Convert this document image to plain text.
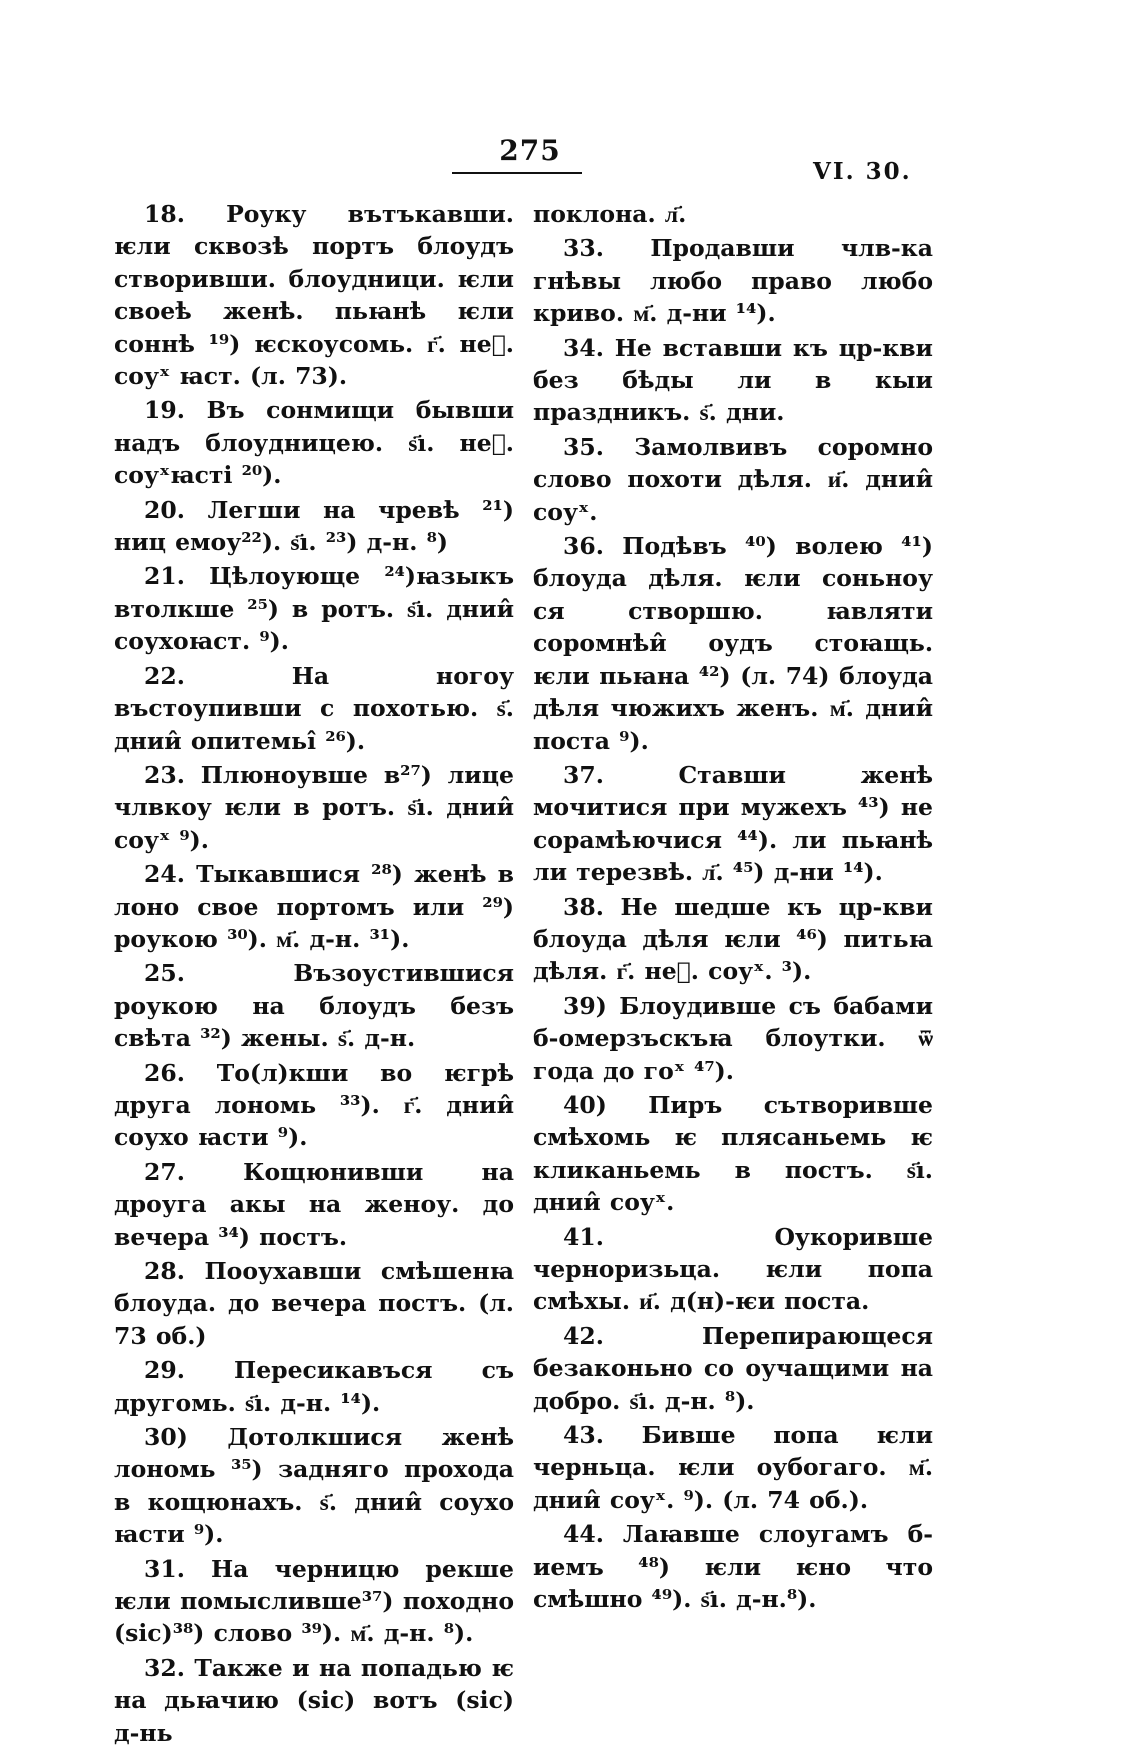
275
VI. 30.

18. Роуку вътъкавши. ѥли сквозѣ портъ блоудъ створивши. блоудници. ѥли своеѣ женѣ. пьꙗнѣ ѥли соннѣ ¹⁹) ѥскоусомь. г҃. неⷣ. соуˣ ꙗст. (л. 73).

19. Въ сонмищи бывши надъ блоудницею. ѕ҃ı. неⷣ. соуˣꙗсті ²⁰).

20. Легши на чревѣ ²¹) ниц емоу²²). ѕ҃ı. ²³) д-н. ⁸)

21. Цѣлоующе ²⁴)ꙗзыкъ втолкше ²⁵) в ротъ. ѕ҃ı. днии̂ соухоꙗст. ⁹).

22. На ногоу въстоупивши с похотью. ѕ҃. днии̂ опитемьı̂ ²⁶).

23. Плюноувше в²⁷) лице члвкоу ѥли в ротъ. ѕ҃ı. днии̂ соуˣ ⁹).

24. Тыкавшися ²⁸) женѣ в лоно свое портомъ или ²⁹) роукою ³⁰). м҃. д-н. ³¹).

25. Възоустившися роукою на блоудъ безъ свѣта ³²) жены. ѕ҃. д-н.

26. То(л)кши во ѥгрѣ друга лономь ³³). г҃. днии̂ соухо ꙗсти ⁹).

27. Кощюнивши на дроуга акы на женоу. до вечера ³⁴) постъ.

28. Пооухавши смѣшенꙗ блоуда. до вечера постъ. (л. 73 об.)

29. Пересикавъся съ другомь. ѕ҃ı. д-н. ¹⁴).

30) Дотолкшися женѣ лономь ³⁵) задняго прохода в кощюнахъ. ѕ҃. днии̂ соухо ꙗсти ⁹).

31. На черницю рекше ѥли помысливше³⁷) походно (sic)³⁸) слово ³⁹). м҃. д-н. ⁸).

32. Также и на попадью ѥ на дьꙗчию (sic) вотъ (sic) д-нь

поклона. л҃.

33. Продавши члв-ка гнѣвы любо право любо криво. м҃. д-ни ¹⁴).

34. Не вставши къ цр-кви без бѣды ли в кыи праздникъ. ѕ҃. дни.

35. Замолвивъ соромно слово похоти дѣля. и҃. днии̂ соуˣ.

36. Подѣвъ ⁴⁰) волею ⁴¹) блоуда дѣля. ѥли соньноу ся створшю. ꙗвляти соромнѣи̂ оудъ стоꙗщь. ѥли пьꙗна ⁴²) (л. 74) блоуда дѣля чюжихъ женъ. м҃. днии̂ поста ⁹).

37. Ставши женѣ мочитися при мужехъ ⁴³) не сорамѣючися ⁴⁴). ли пьꙗнѣ ли терезвѣ. л҃. ⁴⁵) д-ни ¹⁴).

38. Не шедше къ цр-кви блоуда дѣля ѥли ⁴⁶) питьꙗ дѣля. г҃. неⷣ. соуˣ. ³).

39) Блоудивше съ бабами б-омерзъскъꙗ блоутки. ѿ года до гоˣ ⁴⁷).

40) Пиръ сътворивше смѣхомь ѥ плясаньемь ѥ кликаньемь в постъ. ѕ҃ı. днии̂ соуˣ.

41. Оукоривше черноризьца. ѥли попа смѣхы. и҃. д(н)-ѥи поста.

42. Перепирающеся безаконьно со оучащими на добро. ѕ҃ı. д-н. ⁸).

43. Бивше попа ѥли черньца. ѥли оубогаго. м҃. днии̂ соуˣ. ⁹). (л. 74 об.).

44. Лаꙗвше слоугамъ б-иемъ ⁴⁸) ѥли ѥно что смѣшно ⁴⁹). ѕ҃ı. д-н.⁸).
